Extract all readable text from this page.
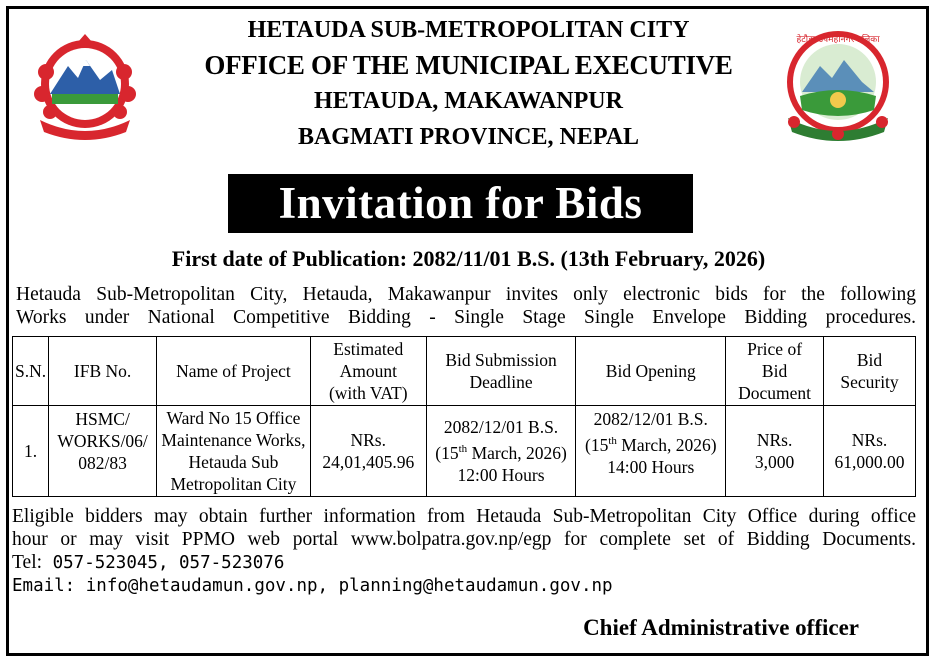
हेटौडा उपमहानगरपालिका
HETAUDA SUB-METROPOLITAN CITY
OFFICE OF THE MUNICIPAL EXECUTIVE
HETAUDA, MAKAWANPUR
BAGMATI PROVINCE, NEPAL
Invitation for Bids
First date of Publication: 2082/11/01 B.S. (13th February, 2026)
Hetauda Sub-Metropolitan City, Hetauda, Makawanpur invites only electronic bids for the following
Works under National Competitive Bidding - Single Stage Single Envelope Bidding procedures.
S.N.	IFB No.	Name of Project	Estimated
Amount
(with VAT)	Bid Submission
Deadline	Bid Opening	Price of
Bid
Document	Bid
Security
1.	HSMC/
WORKS/06/
082/83	Ward No 15 Office
Maintenance Works,
Hetauda Sub
Metropolitan City	NRs.
24,01,405.96	2082/12/01 B.S.
(15th March, 2026)
12:00 Hours	2082/12/01 B.S.
(15th March, 2026)
14:00 Hours	NRs.
3,000	NRs.
61,000.00
Eligible bidders may obtain further information from Hetauda Sub-Metropolitan City Office during office
hour or may visit PPMO web portal www.bolpatra.gov.np/egp for complete set of Bidding Documents.
Tel: 057-523045, 057-523076
Email: info@hetaudamun.gov.np, planning@hetaudamun.gov.np
Chief Administrative officer
